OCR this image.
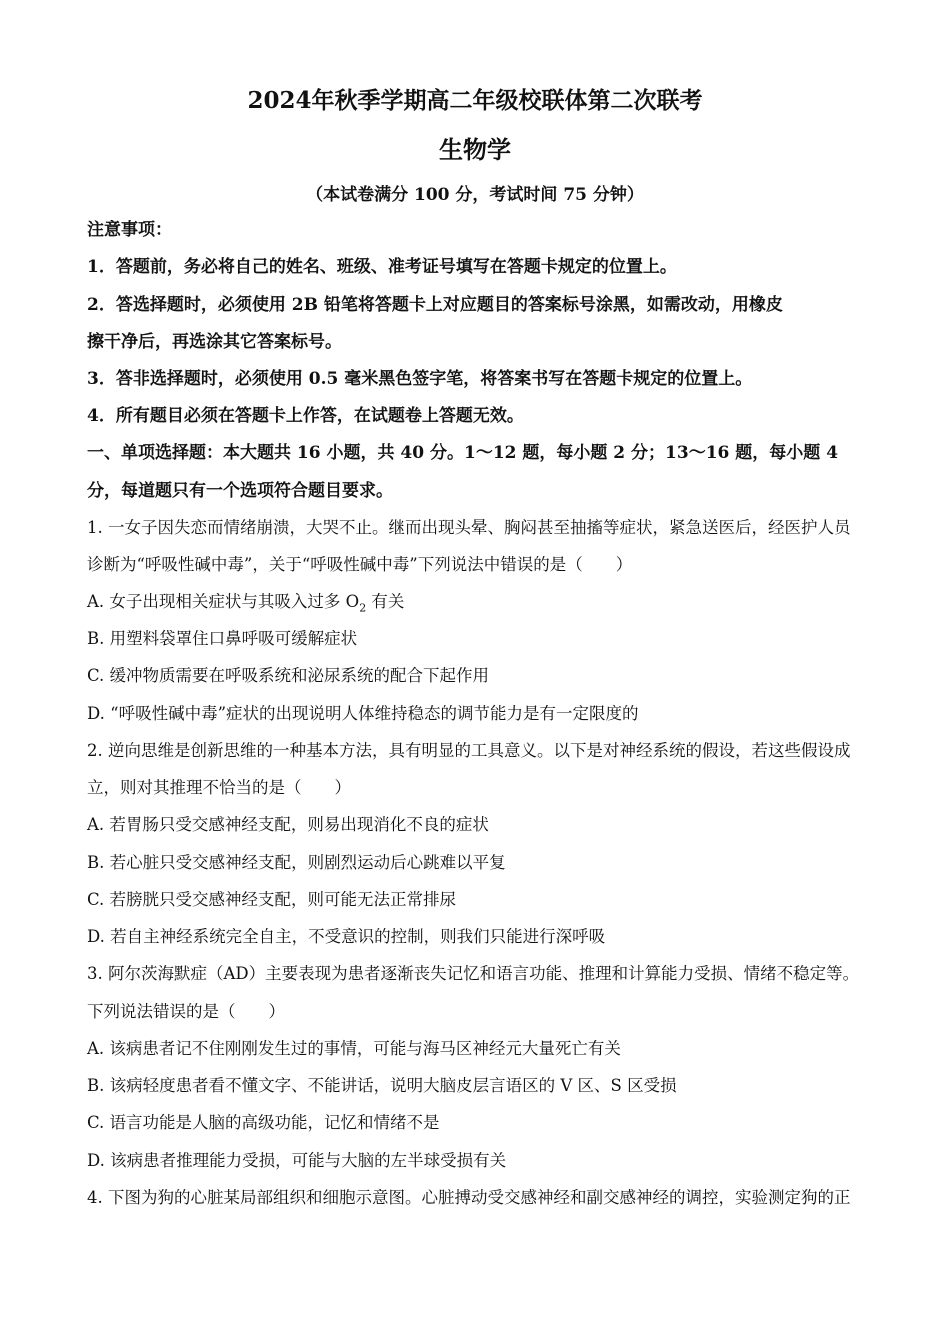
2024年秋季学期高二年级校联体第二次联考
生物学
（本试卷满分 100 分，考试时间 75 分钟）
注意事项：
1．答题前，务必将自己的姓名、班级、准考证号填写在答题卡规定的位置上。
2．答选择题时，必须使用 2B 铅笔将答题卡上对应题目的答案标号涂黑，如需改动，用橡皮
擦干净后，再选涂其它答案标号。
3．答非选择题时，必须使用 0.5 毫米黑色签字笔，将答案书写在答题卡规定的位置上。
4．所有题目必须在答题卡上作答，在试题卷上答题无效。
一、单项选择题：本大题共 16 小题，共 40 分。1～12 题，每小题 2 分；13～16 题，每小题 4
分，每道题只有一个选项符合题目要求。
1. 一女子因失恋而情绪崩溃，大哭不止。继而出现头晕、胸闷甚至抽搐等症状，紧急送医后，经医护人员
诊断为“呼吸性碱中毒”，关于“呼吸性碱中毒”下列说法中错误的是（　　）
A. 女子出现相关症状与其吸入过多 $O_2$ 有关
B. 用塑料袋罩住口鼻呼吸可缓解症状
C. 缓冲物质需要在呼吸系统和泌尿系统的配合下起作用
D. “呼吸性碱中毒”症状的出现说明人体维持稳态的调节能力是有一定限度的
2. 逆向思维是创新思维的一种基本方法，具有明显的工具意义。以下是对神经系统的假设，若这些假设成
立，则对其推理不恰当的是（　　）
A. 若胃肠只受交感神经支配，则易出现消化不良的症状
B. 若心脏只受交感神经支配，则剧烈运动后心跳难以平复
C. 若膀胱只受交感神经支配，则可能无法正常排尿
D. 若自主神经系统完全自主，不受意识的控制，则我们只能进行深呼吸
3. 阿尔茨海默症（AD）主要表现为患者逐渐丧失记忆和语言功能、推理和计算能力受损、情绪不稳定等。
下列说法错误的是（　　）
A. 该病患者记不住刚刚发生过的事情，可能与海马区神经元大量死亡有关
B. 该病轻度患者看不懂文字、不能讲话，说明大脑皮层言语区的 V 区、S 区受损
C. 语言功能是人脑的高级功能，记忆和情绪不是
D. 该病患者推理能力受损，可能与大脑的左半球受损有关
4. 下图为狗的心脏某局部组织和细胞示意图。心脏搏动受交感神经和副交感神经的调控，实验测定狗的正
